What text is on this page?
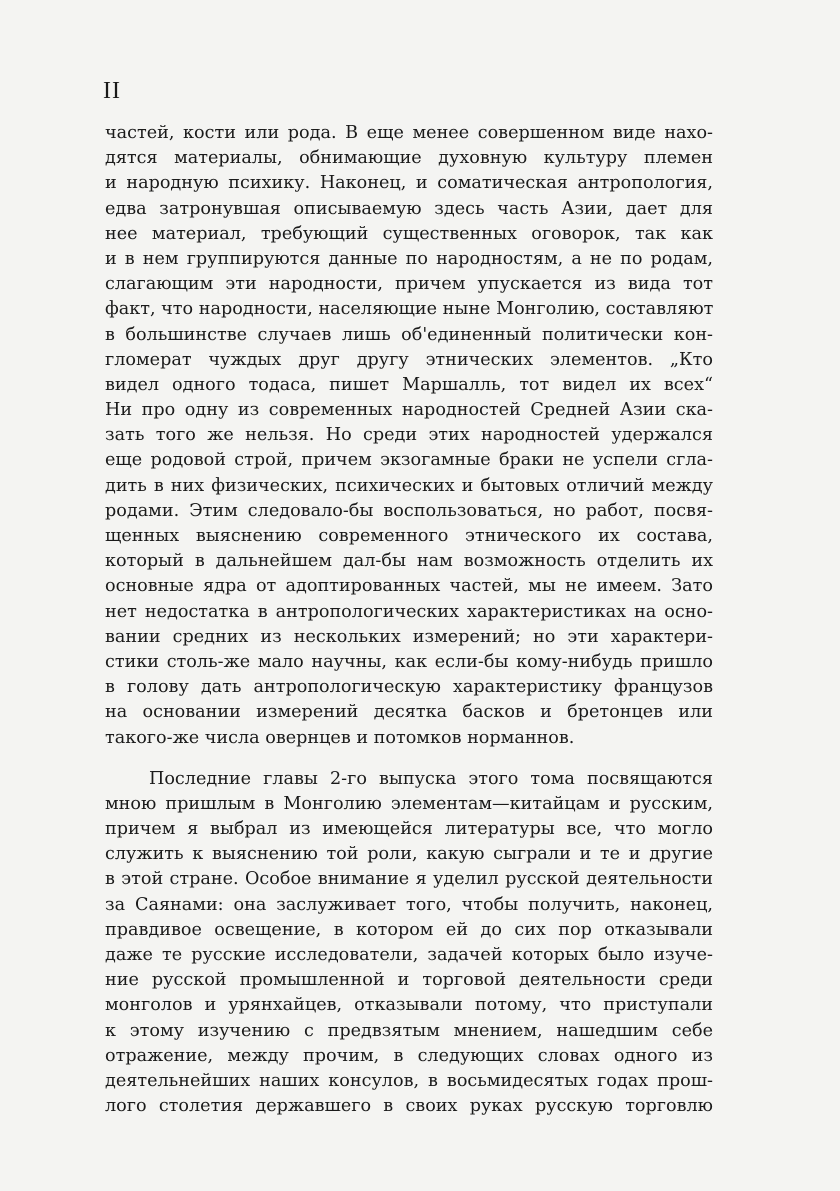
II
частей, кости или рода. В еще менее совершенном виде нахо-
дятся материалы, обнимающие духовную культуру племен
и народную психику. Наконец, и соматическая антропология,
едва затронувшая описываемую здесь часть Азии, дает для
нее материал, требующий существенных оговорок, так как
и в нем группируются данные по народностям, а не по родам,
слагающим эти народности, причем упускается из вида тот
факт, что народности, населяющие ныне Монголию, составляют
в большинстве случаев лишь об'единенный политически кон-
гломерат чуждых друг другу этнических элементов. „Кто
видел одного тодаса, пишет Маршалль, тот видел их всех“
Ни про одну из современных народностей Средней Азии ска-
зать того же нельзя. Но среди этих народностей удержался
еще родовой строй, причем экзогамные браки не успели сгла-
дить в них физических, психических и бытовых отличий между
родами. Этим следовало-бы воспользоваться, но работ, посвя-
щенных выяснению современного этнического их состава,
который в дальнейшем дал-бы нам возможность отделить их
основные ядра от адоптированных частей, мы не имеем. Зато
нет недостатка в антропологических характеристиках на осно-
вании средних из нескольких измерений; но эти характери-
стики столь-же мало научны, как если-бы кому-нибудь пришло
в голову дать антропологическую характеристику французов
на основании измерений десятка басков и бретонцев или
такого-же числа овернцев и потомков норманнов.
Последние главы 2-го выпуска этого тома посвящаются
мною пришлым в Монголию элементам—китайцам и русским,
причем я выбрал из имеющейся литературы все, что могло
служить к выяснению той роли, какую сыграли и те и другие
в этой стране. Особое внимание я уделил русской деятельности
за Саянами: она заслуживает того, чтобы получить, наконец,
правдивое освещение, в котором ей до сих пор отказывали
даже те русские исследователи, задачей которых было изуче-
ние русской промышленной и торговой деятельности среди
монголов и урянхайцев, отказывали потому, что приступали
к этому изучению с предвзятым мнением, нашедшим себе
отражение, между прочим, в следующих словах одного из
деятельнейших наших консулов, в восьмидесятых годах прош-
лого столетия державшего в своих руках русскую торговлю
